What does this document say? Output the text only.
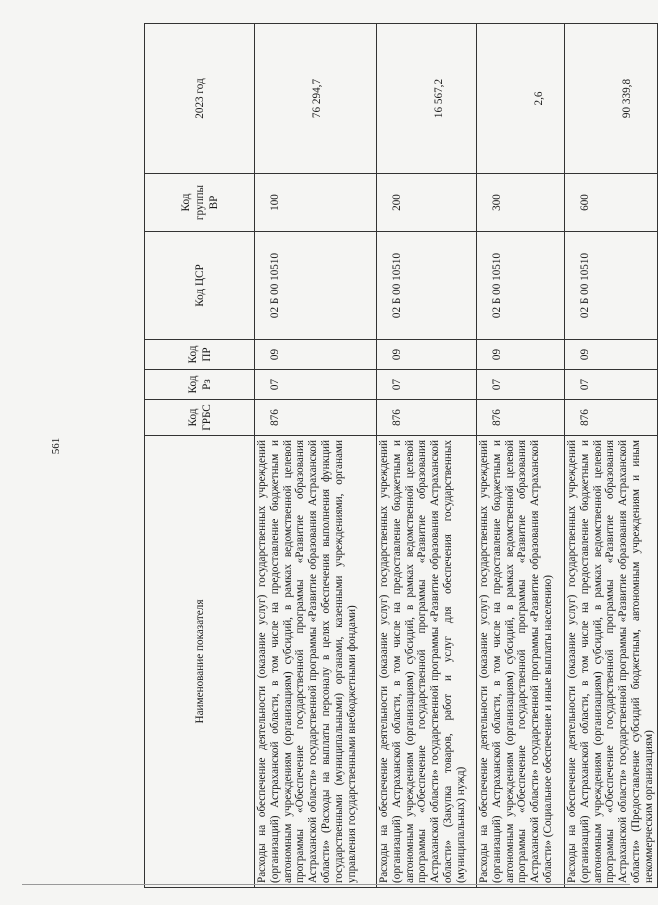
561
Наименование показателя	Код ГРБС	Код Рз	Код ПР	Код ЦСР	Код группы ВР	2023 год
Расходы на обеспечение деятельности (оказание услуг) государственных учреждений (организаций) Астраханской области, в том числе на предоставление бюджетным и автономным учреждениям (организациям) субсидий, в рамках ведомственной целевой программы «Обеспечение государственной программы «Развитие образования Астраханской области» государственной программы «Развитие образования Астраханской области» (Расходы на выплаты персоналу в целях обеспечения выполнения функций государственными (муниципальными) органами, казенными учреждениями, органами управления государственными внебюджетными фондами)	876	07	09	02 Б 00 10510	100	76 294,7
Расходы на обеспечение деятельности (оказание услуг) государственных учреждений (организаций) Астраханской области, в том числе на предоставление бюджетным и автономным учреждениям (организациям) субсидий, в рамках ведомственной целевой программы «Обеспечение государственной программы «Развитие образования Астраханской области» государственной программы «Развитие образования Астраханской области» (Закупка товаров, работ и услуг для обеспечения государственных (муниципальных) нужд)	876	07	09	02 Б 00 10510	200	16 567,2
Расходы на обеспечение деятельности (оказание услуг) государственных учреждений (организаций) Астраханской области, в том числе на предоставление бюджетным и автономным учреждениям (организациям) субсидий, в рамках ведомственной целевой программы «Обеспечение государственной программы «Развитие образования Астраханской области» государственной программы «Развитие образования Астраханской области» (Социальное обеспечение и иные выплаты населению)	876	07	09	02 Б 00 10510	300	2,6
Расходы на обеспечение деятельности (оказание услуг) государственных учреждений (организаций) Астраханской области, в том числе на предоставление бюджетным и автономным учреждениям (организациям) субсидий, в рамках ведомственной целевой программы «Обеспечение государственной программы «Развитие образования Астраханской области» государственной программы «Развитие образования Астраханской области» (Предоставление субсидий бюджетным, автономным учреждениям и иным некоммерческим организациям)	876	07	09	02 Б 00 10510	600	90 339,8
